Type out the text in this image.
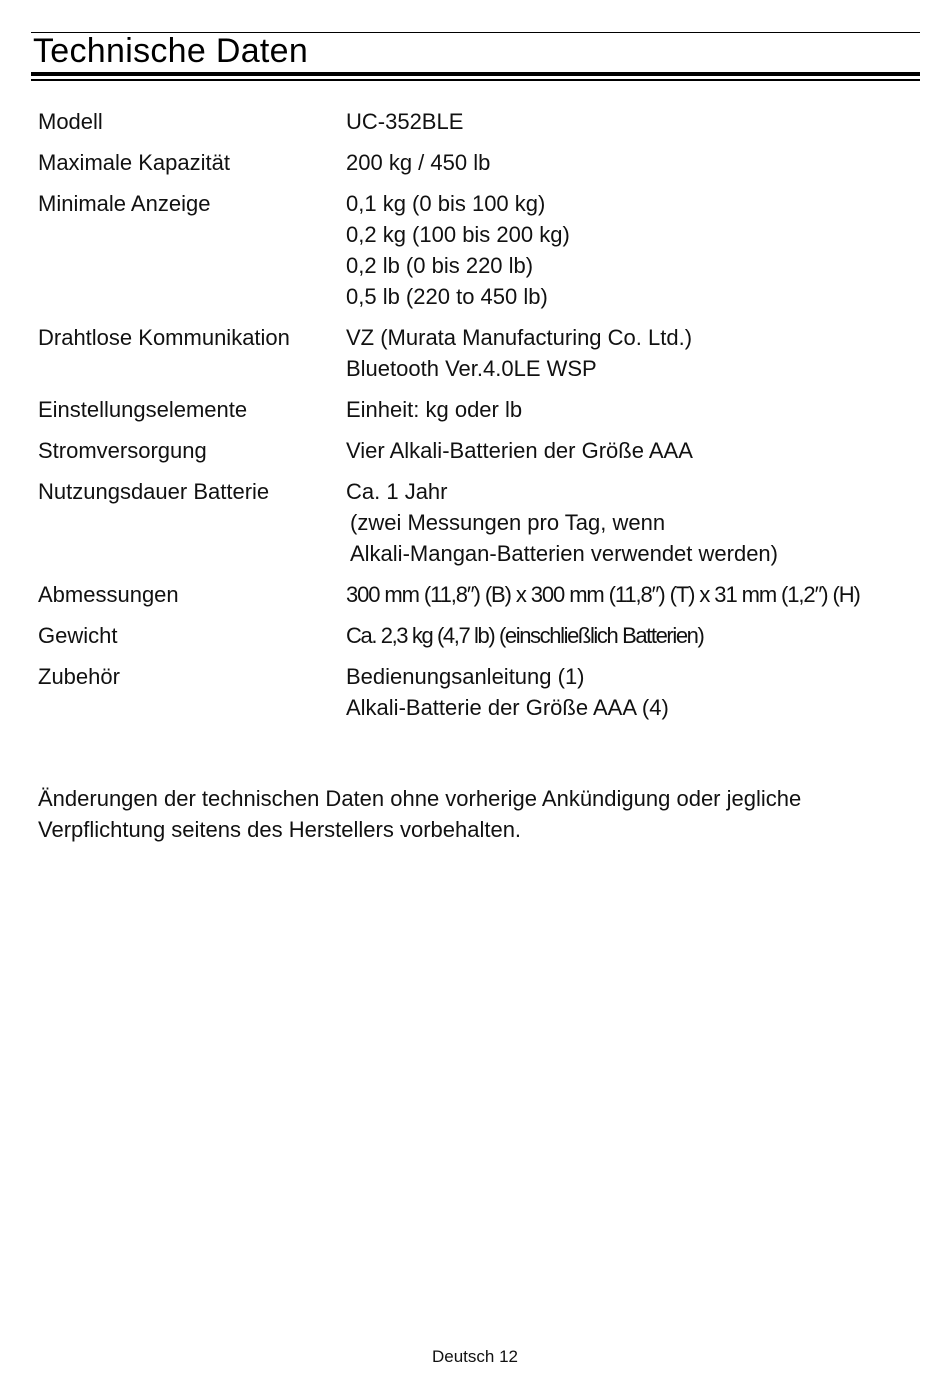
Technische Daten
Modell	UC-352BLE
Maximale Kapazität	200 kg / 450 lb
Minimale Anzeige	0,1 kg (0 bis 100 kg)
0,2 kg (100 bis 200 kg)
0,2 lb (0 bis 220 lb)
0,5 lb (220 to 450 lb)
Drahtlose Kommunikation	VZ (Murata Manufacturing Co. Ltd.)
Bluetooth Ver.4.0LE WSP
Einstellungselemente	Einheit: kg oder lb
Stromversorgung	Vier Alkali-Batterien der Größe AAA
Nutzungsdauer Batterie	Ca. 1 Jahr
(zwei Messungen pro Tag, wenn
Alkali-Mangan-Batterien verwendet werden)
Abmessungen	300 mm (11,8″) (B) x 300 mm (11,8″) (T) x 31 mm (1,2″) (H)
Gewicht	Ca. 2,3 kg (4,7 lb) (einschließlich Batterien)
Zubehör	Bedienungsanleitung (1)
Alkali-Batterie der Größe AAA (4)
Änderungen der technischen Daten ohne vorherige Ankündigung oder jegliche
Verpflichtung seitens des Herstellers vorbehalten.
Deutsch 12
